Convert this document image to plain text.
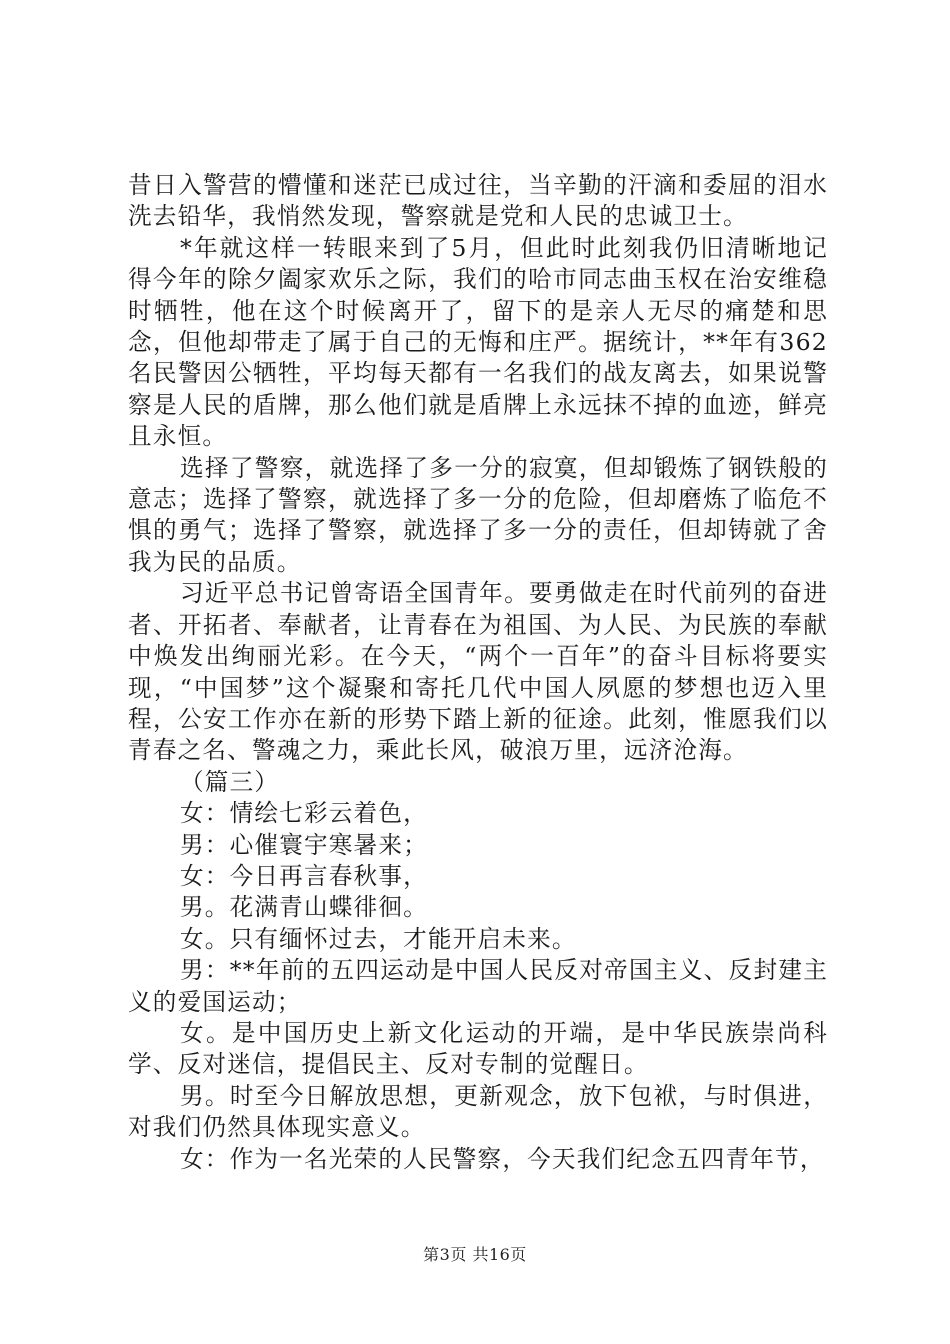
昔日入警营的懵懂和迷茫已成过往，当辛勤的汗滴和委屈的泪水洗去铅华，我悄然发现，警察就是党和人民的忠诚卫士。

*年就这样一转眼来到了5月，但此时此刻我仍旧清晰地记得今年的除夕阖家欢乐之际，我们的哈市同志曲玉权在治安维稳时牺牲，他在这个时候离开了，留下的是亲人无尽的痛楚和思念，但他却带走了属于自己的无悔和庄严。据统计，**年有362名民警因公牺牲，平均每天都有一名我们的战友离去，如果说警察是人民的盾牌，那么他们就是盾牌上永远抹不掉的血迹，鲜亮且永恒。

选择了警察，就选择了多一分的寂寞，但却锻炼了钢铁般的意志；选择了警察，就选择了多一分的危险，但却磨炼了临危不惧的勇气；选择了警察，就选择了多一分的责任，但却铸就了舍我为民的品质。

习近平总书记曾寄语全国青年。要勇做走在时代前列的奋进者、开拓者、奉献者，让青春在为祖国、为人民、为民族的奉献中焕发出绚丽光彩。在今天，“两个一百年”的奋斗目标将要实现，“中国梦”这个凝聚和寄托几代中国人夙愿的梦想也迈入里程，公安工作亦在新的形势下踏上新的征途。此刻，惟愿我们以青春之名、警魂之力，乘此长风，破浪万里，远济沧海。

（篇三）

女：情绘七彩云着色，

男：心催寰宇寒暑来；

女：今日再言春秋事，

男。花满青山蝶徘徊。

女。只有缅怀过去，才能开启未来。

男：**年前的五四运动是中国人民反对帝国主义、反封建主义的爱国运动；

女。是中国历史上新文化运动的开端，是中华民族崇尚科学、反对迷信，提倡民主、反对专制的觉醒日。

男。时至今日解放思想，更新观念，放下包袱，与时俱进，对我们仍然具体现实意义。

女：作为一名光荣的人民警察，今天我们纪念五四青年节，

第3页 共16页
